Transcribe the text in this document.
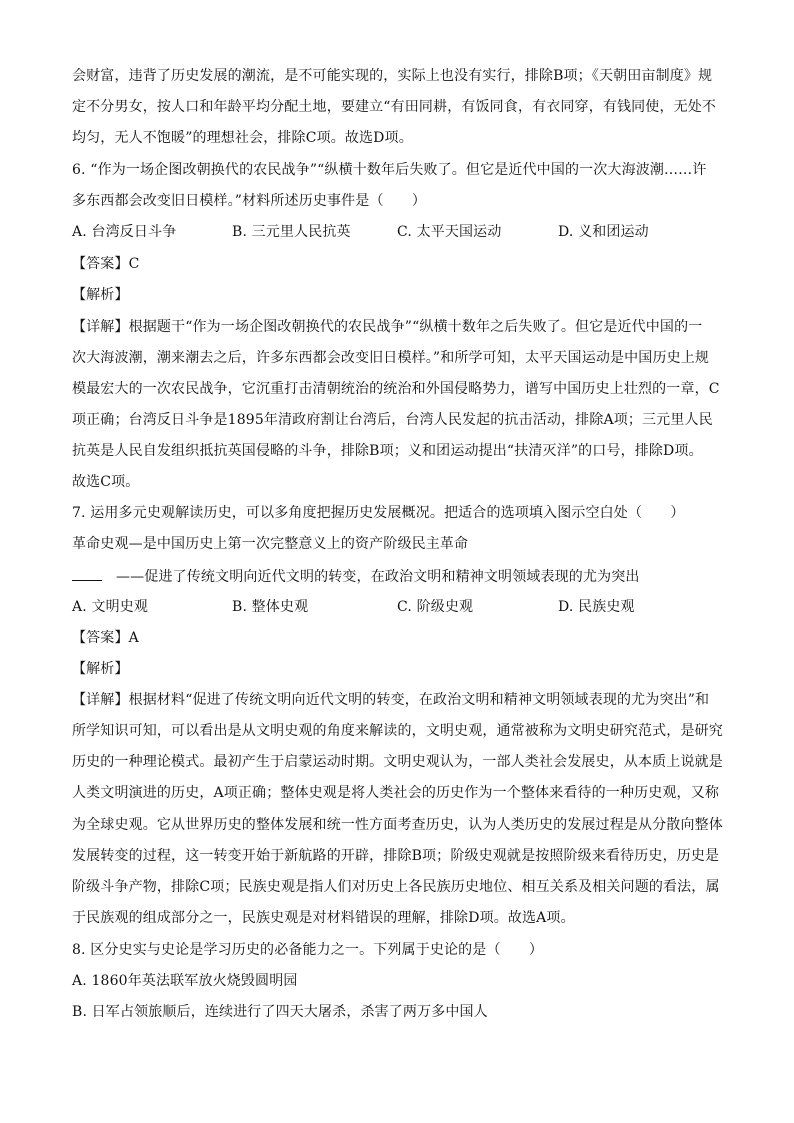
会财富，违背了历史发展的潮流，是不可能实现的，实际上也没有实行，排除B项；《天朝田亩制度》规
定不分男女，按人口和年龄平均分配土地，要建立“有田同耕，有饭同食，有衣同穿，有钱同使，无处不
均匀，无人不饱暖”的理想社会，排除C项。故选D项。
6. “作为一场企图改朝换代的农民战争”“纵横十数年后失败了。但它是近代中国的一次大海波潮……许
多东西都会改变旧日模样。”材料所述历史事件是（　　）
A. 台湾反日斗争	B. 三元里人民抗英	C. 太平天国运动	D. 义和团运动
【答案】C
【解析】
【详解】根据题干“作为一场企图改朝换代的农民战争”“纵横十数年之后失败了。但它是近代中国的一
次大海波潮，潮来潮去之后，许多东西都会改变旧日模样。”和所学可知，太平天国运动是中国历史上规
模最宏大的一次农民战争，它沉重打击清朝统治的统治和外国侵略势力，谱写中国历史上壮烈的一章，C
项正确；台湾反日斗争是1895年清政府割让台湾后，台湾人民发起的抗击活动，排除A项；三元里人民
抗英是人民自发组织抵抗英国侵略的斗争，排除B项；义和团运动提出“扶清灭洋”的口号，排除D项。
故选C项。
7. 运用多元史观解读历史，可以多角度把握历史发展概况。把适合的选项填入图示空白处（　　）
革命史观—是中国历史上第一次完整意义上的资产阶级民主革命
——促进了传统文明向近代文明的转变，在政治文明和精神文明领域表现的尤为突出
A. 文明史观	B. 整体史观	C. 阶级史观	D. 民族史观
【答案】A
【解析】
【详解】根据材料“促进了传统文明向近代文明的转变，在政治文明和精神文明领域表现的尤为突出”和
所学知识可知，可以看出是从文明史观的角度来解读的，文明史观，通常被称为文明史研究范式，是研究
历史的一种理论模式。最初产生于启蒙运动时期。文明史观认为，一部人类社会发展史，从本质上说就是
人类文明演进的历史，A项正确；整体史观是将人类社会的历史作为一个整体来看待的一种历史观，又称
为全球史观。它从世界历史的整体发展和统一性方面考查历史，认为人类历史的发展过程是从分散向整体
发展转变的过程，这一转变开始于新航路的开辟，排除B项；阶级史观就是按照阶级来看待历史，历史是
阶级斗争产物，排除C项；民族史观是指人们对历史上各民族历史地位、相互关系及相关问题的看法，属
于民族观的组成部分之一，民族史观是对材料错误的理解，排除D项。故选A项。
8. 区分史实与史论是学习历史的必备能力之一。下列属于史论的是（　　）
A. 1860年英法联军放火烧毁圆明园
B. 日军占领旅顺后，连续进行了四天大屠杀，杀害了两万多中国人
